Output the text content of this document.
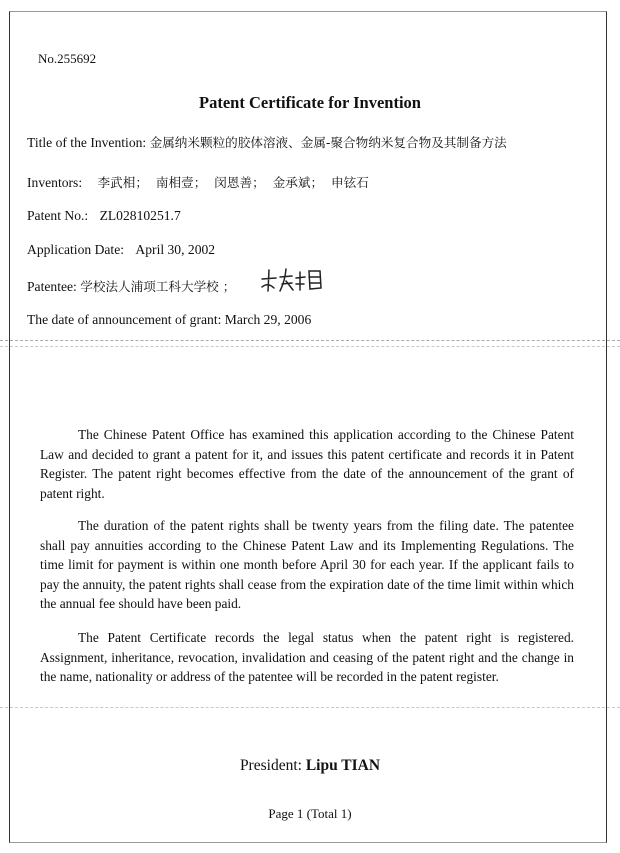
No.255692
Patent Certificate for Invention
Title of the Invention: 金属纳米颗粒的胶体溶液、金属-聚合物纳米复合物及其制备方法
Inventors: 李武相；  南相壹；  闵恩善；  金承斌；  申铉石
Patent No.: ZL02810251.7
Application Date: April 30, 2002
Patentee: 学校法人浦项工科大学校 ；
The date of announcement of grant: March 29, 2006
The Chinese Patent Office has examined this application according to the Chinese Patent Law and decided to grant a patent for it, and issues this patent certificate and records it in Patent Register. The patent right becomes effective from the date of the announcement of the grant of patent right.
The duration of the patent rights shall be twenty years from the filing date. The patentee shall pay annuities according to the Chinese Patent Law and its Implementing Regulations. The time limit for payment is within one month before April 30 for each year. If the applicant fails to pay the annuity, the patent rights shall cease from the expiration date of the time limit within which the annual fee should have been paid.
The Patent Certificate records the legal status when the patent right is registered. Assignment, inheritance, revocation, invalidation and ceasing of the patent right and the change in the name, nationality or address of the patentee will be recorded in the patent register.
President: Lipu TIAN
Page 1 (Total 1)
